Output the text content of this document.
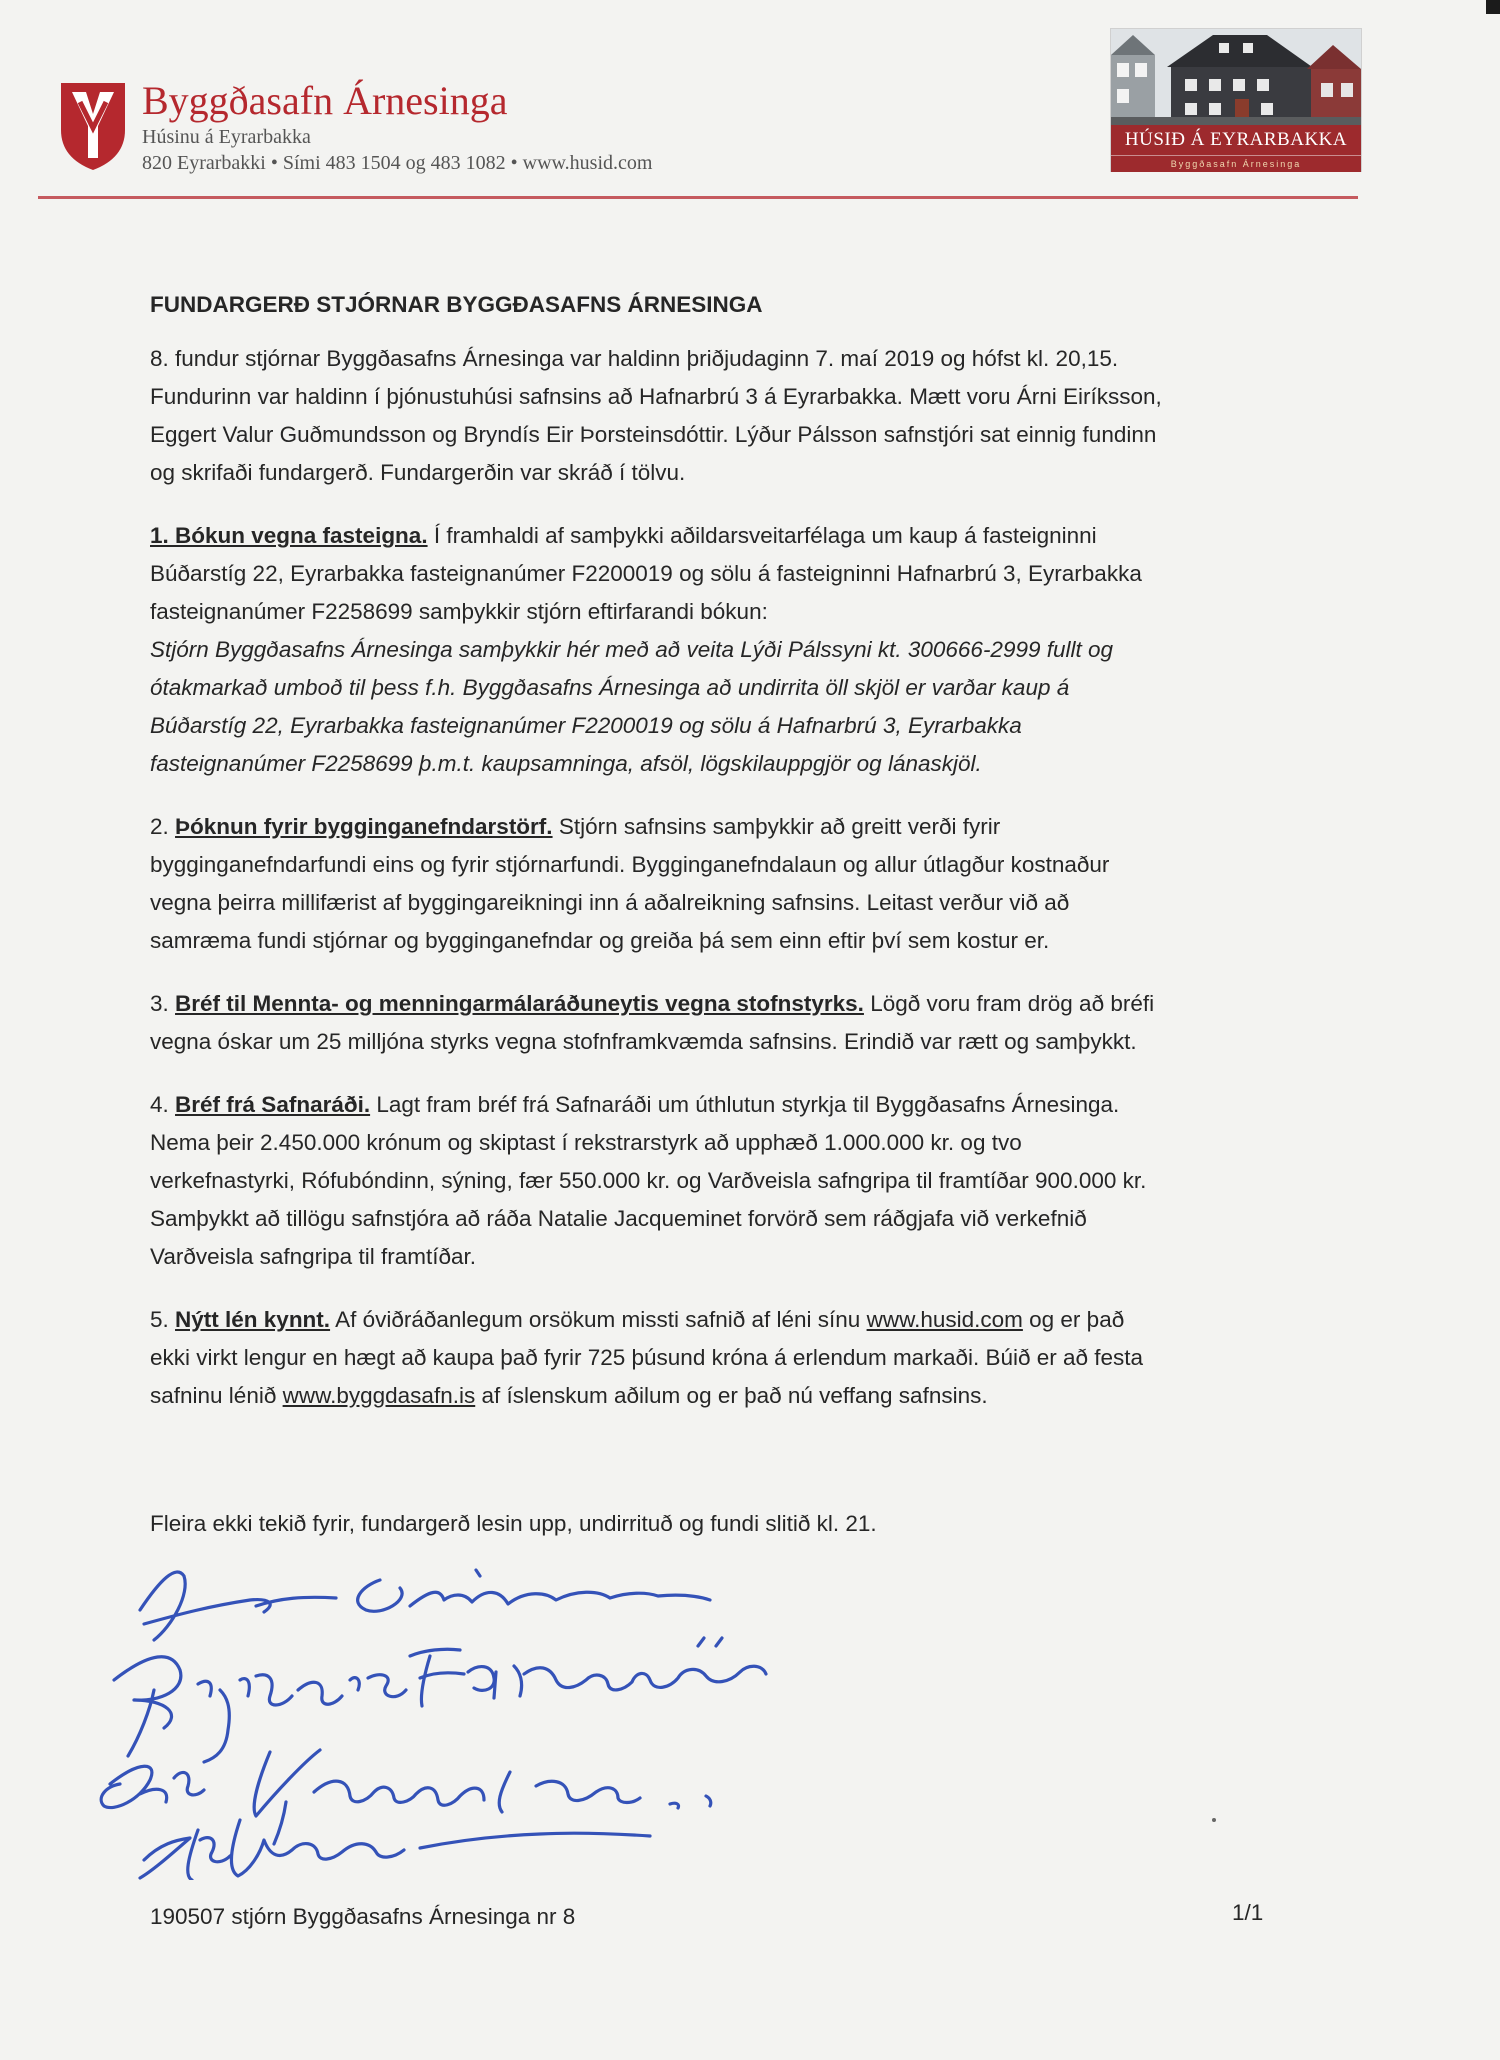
Byggðasafn Árnesinga
Húsinu á Eyrarbakka
820 Eyrarbakki • Sími 483 1504 og 483 1082 • www.husid.com
HÚSIÐ Á EYRARBAKKA
Byggðasafn Árnesinga
FUNDARGERÐ STJÓRNAR BYGGÐASAFNS ÁRNESINGA

8. fundur stjórnar Byggðasafns Árnesinga var haldinn þriðjudaginn 7. maí 2019 og hófst kl. 20,15.

Fundurinn var haldinn í þjónustuhúsi safnsins að Hafnarbrú 3 á Eyrarbakka. Mætt voru Árni Eiríksson,

Eggert Valur Guðmundsson og Bryndís Eir Þorsteinsdóttir. Lýður Pálsson safnstjóri sat einnig fundinn

og skrifaði fundargerð. Fundargerðin var skráð í tölvu.

1. Bókun vegna fasteigna. Í framhaldi af samþykki aðildarsveitarfélaga um kaup á fasteigninni

Búðarstíg 22, Eyrarbakka fasteignanúmer F2200019 og sölu á fasteigninni Hafnarbrú 3, Eyrarbakka

fasteignanúmer F2258699 samþykkir stjórn eftirfarandi bókun:

Stjórn Byggðasafns Árnesinga samþykkir hér með að veita Lýði Pálssyni kt. 300666-2999 fullt og

ótakmarkað umboð til þess f.h. Byggðasafns Árnesinga að undirrita öll skjöl er varðar kaup á

Búðarstíg 22, Eyrarbakka fasteignanúmer F2200019 og sölu á Hafnarbrú 3, Eyrarbakka

fasteignanúmer F2258699 þ.m.t. kaupsamninga, afsöl, lögskilauppgjör og lánaskjöl.

2. Þóknun fyrir bygginganefndarstörf. Stjórn safnsins samþykkir að greitt verði fyrir

bygginganefndarfundi eins og fyrir stjórnarfundi. Bygginganefndalaun og allur útlagður kostnaður

vegna þeirra millifærist af byggingareikningi inn á aðalreikning safnsins. Leitast verður við að

samræma fundi stjórnar og bygginganefndar og greiða þá sem einn eftir því sem kostur er.

3. Bréf til Mennta- og menningarmálaráðuneytis vegna stofnstyrks. Lögð voru fram drög að bréfi

vegna óskar um 25 milljóna styrks vegna stofnframkvæmda safnsins. Erindið var rætt og samþykkt.

4. Bréf frá Safnaráði. Lagt fram bréf frá Safnaráði um úthlutun styrkja til Byggðasafns Árnesinga.

Nema þeir 2.450.000 krónum og skiptast í rekstrarstyrk að upphæð 1.000.000 kr. og tvo

verkefnastyrki, Rófubóndinn, sýning, fær 550.000 kr. og Varðveisla safngripa til framtíðar 900.000 kr.

Samþykkt að tillögu safnstjóra að ráða Natalie Jacqueminet forvörð sem ráðgjafa við verkefnið

Varðveisla safngripa til framtíðar.

5. Nýtt lén kynnt. Af óviðráðanlegum orsökum missti safnið af léni sínu www.husid.com og er það

ekki virkt lengur en hægt að kaupa það fyrir 725 þúsund króna á erlendum markaði. Búið er að festa

safninu lénið www.byggdasafn.is af íslenskum aðilum og er það nú veffang safnsins.

Fleira ekki tekið fyrir, fundargerð lesin upp, undirrituð og fundi slitið kl. 21.
190507 stjórn Byggðasafns Árnesinga nr 8	1/1
